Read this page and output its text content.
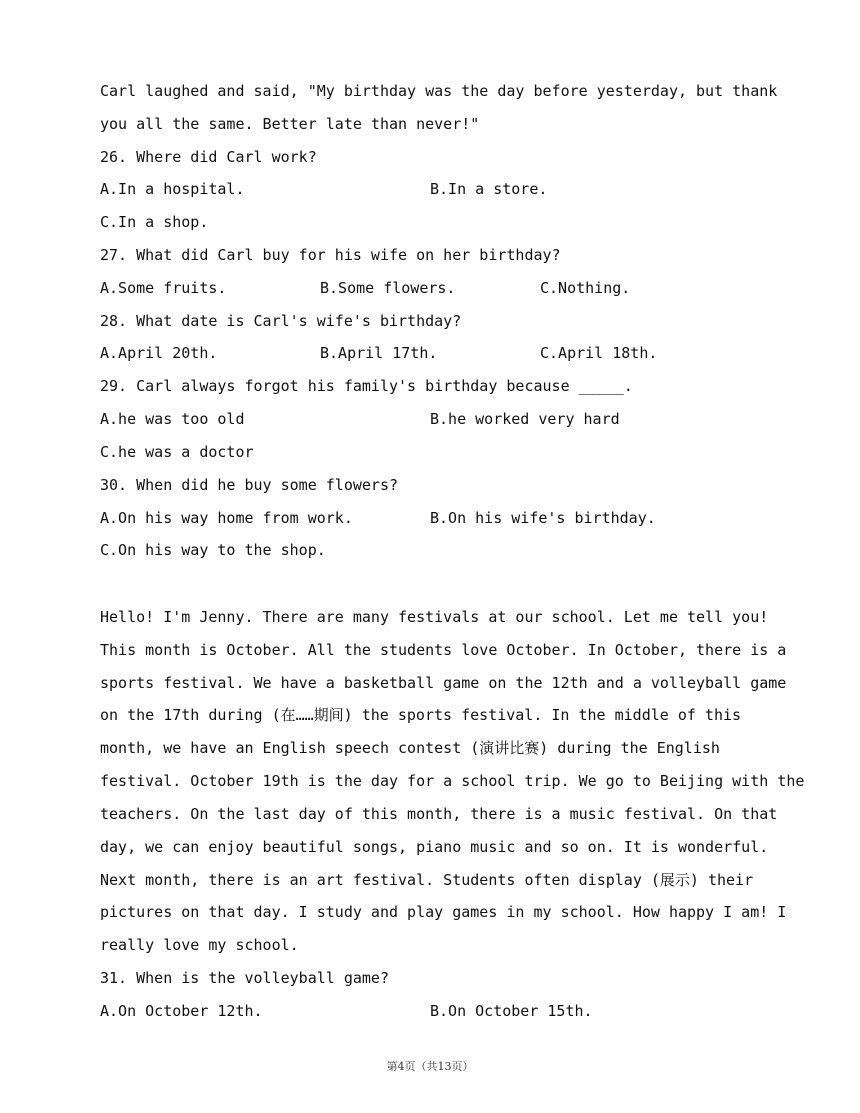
Carl laughed and said, "My birthday was the day before yesterday, but thank
you all the same. Better late than never!"
26. Where did Carl work?
A.In a hospital.	B.In a store.
C.In a shop.
27. What did Carl buy for his wife on her birthday?
A.Some fruits.	B.Some flowers.	C.Nothing.
28. What date is Carl's wife's birthday?
A.April 20th.	B.April 17th.	C.April 18th.
29. Carl always forgot his family's birthday because _____.
A.he was too old	B.he worked very hard
C.he was a doctor
30. When did he buy some flowers?
A.On his way home from work.	B.On his wife's birthday.
C.On his way to the shop.
Hello! I'm Jenny. There are many festivals at our school. Let me tell you!
This month is October. All the students love October. In October, there is a
sports festival. We have a basketball game on the 12th and a volleyball game
on the 17th during (在……期间) the sports festival. In the middle of this
month, we have an English speech contest (演讲比赛) during the English
festival. October 19th is the day for a school trip. We go to Beijing with the
teachers. On the last day of this month, there is a music festival. On that
day, we can enjoy beautiful songs, piano music and so on. It is wonderful.
Next month, there is an art festival. Students often display (展示) their
pictures on that day. I study and play games in my school. How happy I am! I
really love my school.
31. When is the volleyball game?
A.On October 12th.	B.On October 15th.
第4页（共13页）
